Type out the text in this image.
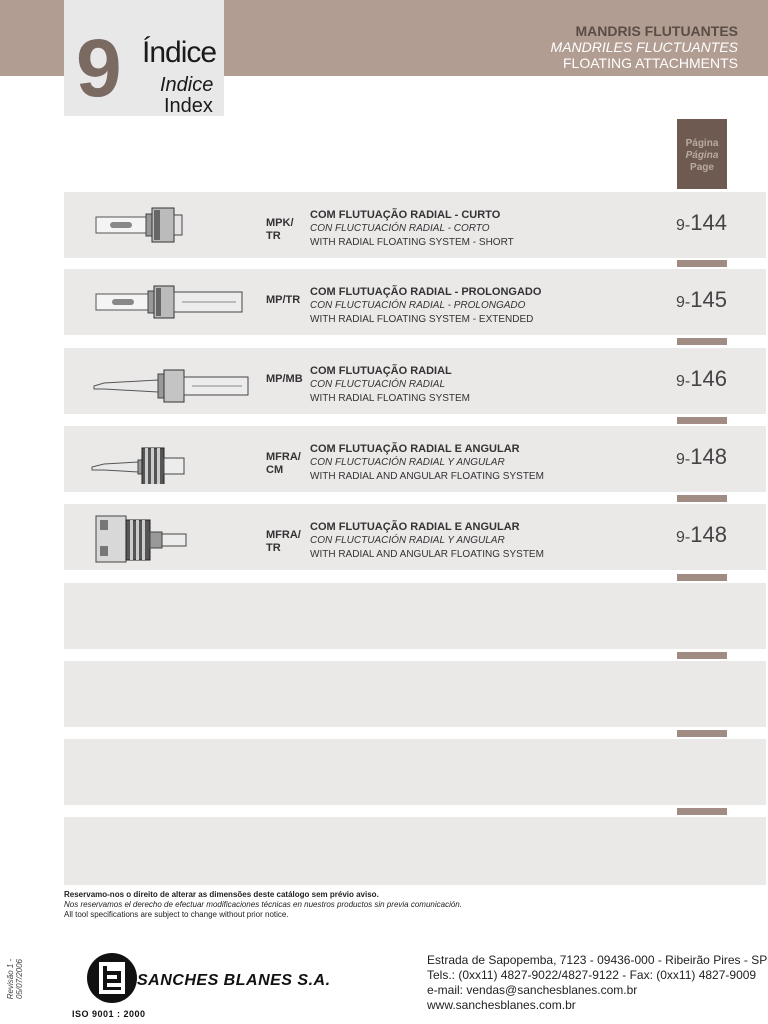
9 Índice
Indice
Index
MANDRIS FLUTUANTES
MANDRILES FLUCTUANTES
FLOATING ATTACHMENTS
Página
Página
Page
MPK/
TR
COM FLUTUAÇÃO RADIAL - CURTO
CON FLUCTUACIÓN RADIAL - CORTO
WITH RADIAL FLOATING SYSTEM - SHORT
9-144
MP/TR
COM FLUTUAÇÃO RADIAL - PROLONGADO
CON FLUCTUACIÓN RADIAL - PROLONGADO
WITH RADIAL FLOATING SYSTEM - EXTENDED
9-145
MP/MB
COM FLUTUAÇÃO RADIAL
CON FLUCTUACIÓN RADIAL
WITH RADIAL FLOATING SYSTEM
9-146
MFRA/
CM
COM FLUTUAÇÃO RADIAL E ANGULAR
CON FLUCTUACIÓN RADIAL Y ANGULAR
WITH RADIAL AND ANGULAR FLOATING SYSTEM
9-148
MFRA/
TR
COM FLUTUAÇÃO RADIAL E ANGULAR
CON FLUCTUACIÓN RADIAL Y ANGULAR
WITH RADIAL AND ANGULAR FLOATING SYSTEM
9-148
Reservamo-nos o direito de alterar as dimensões deste catálogo sem prévio aviso.
Nos reservamos el derecho de efectuar modificaciones técnicas en nuestros productos sin previa comunicación.
All tool specifications are subject to change without prior notice.
Revisão 1 - 05/07/2006	SANCHES BLANES S.A.
ISO 9001 : 2000
Estrada de Sapopemba, 7123 - 09436-000 - Ribeirão Pires - SP
Tels.: (0xx11) 4827-9022/4827-9122 - Fax: (0xx11) 4827-9009
e-mail: vendas@sanchesblanes.com.br
www.sanchesblanes.com.br
